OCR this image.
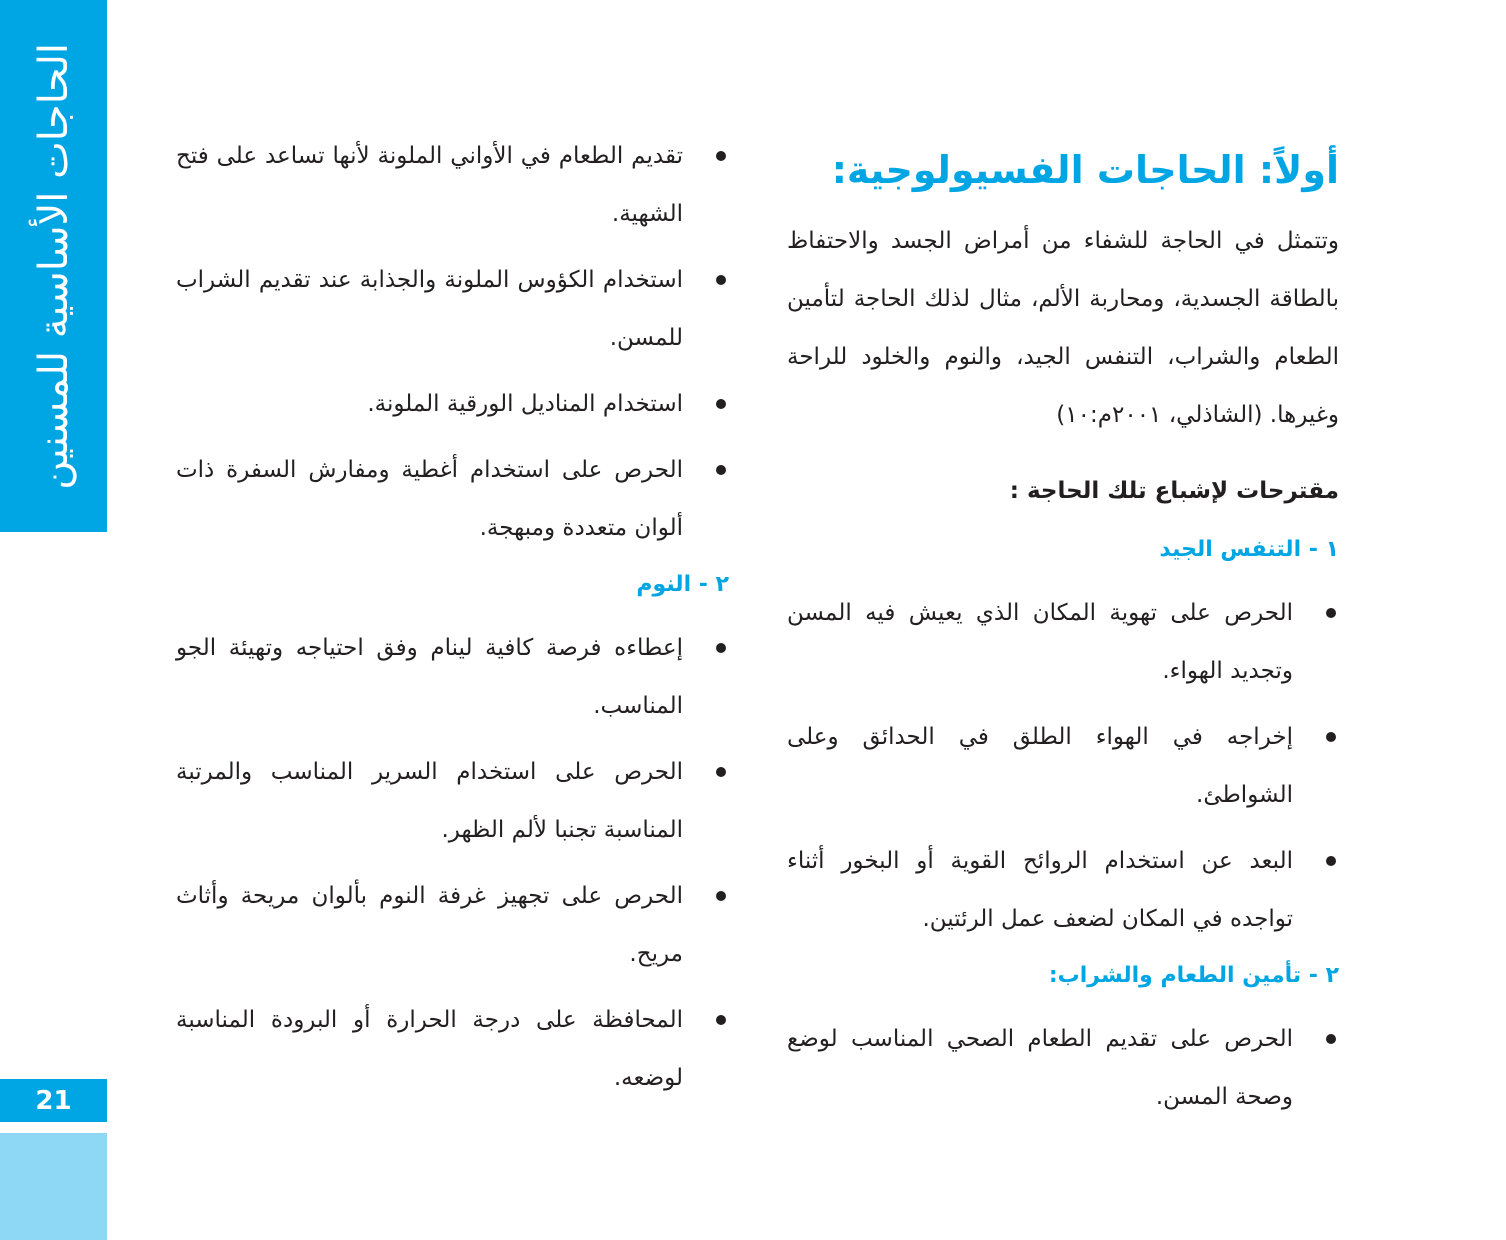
الحاجات الأساسية للمسنين
21
أولاً: الحاجات الفسيولوجية:

وتتمثل في الحاجة للشفاء من أمراض الجسد والاحتفاظ بالطاقة الجسدية، ومحاربة الألم، مثال لذلك الحاجة لتأمين الطعام والشراب، التنفس الجيد، والنوم والخلود للراحة وغيرها. (الشاذلي، ٢٠٠١م:١٠)

مقترحات لإشباع تلك الحاجة :
١ - التنفس الجيد
الحرص على تهوية المكان الذي يعيش فيه المسن وتجديد الهواء.
إخراجه في الهواء الطلق في الحدائق وعلى الشواطئ.
البعد عن استخدام الروائح القوية أو البخور أثناء تواجده في المكان لضعف عمل الرئتين.
٢ - تأمين الطعام والشراب:
الحرص على تقديم الطعام الصحي المناسب لوضع وصحة المسن.
تقديم الطعام في الأواني الملونة لأنها تساعد على فتح الشهية.
استخدام الكؤوس الملونة والجذابة عند تقديم الشراب للمسن.
استخدام المناديل الورقية الملونة.
الحرص على استخدام أغطية ومفارش السفرة ذات ألوان متعددة ومبهجة.
٢ - النوم
إعطاءه فرصة كافية لينام وفق احتياجه وتهيئة الجو المناسب.
الحرص على استخدام السرير المناسب والمرتبة المناسبة تجنبا لألم الظهر.
الحرص على تجهيز غرفة النوم بألوان مريحة وأثاث مريح.
المحافظة على درجة الحرارة أو البرودة المناسبة لوضعه.
